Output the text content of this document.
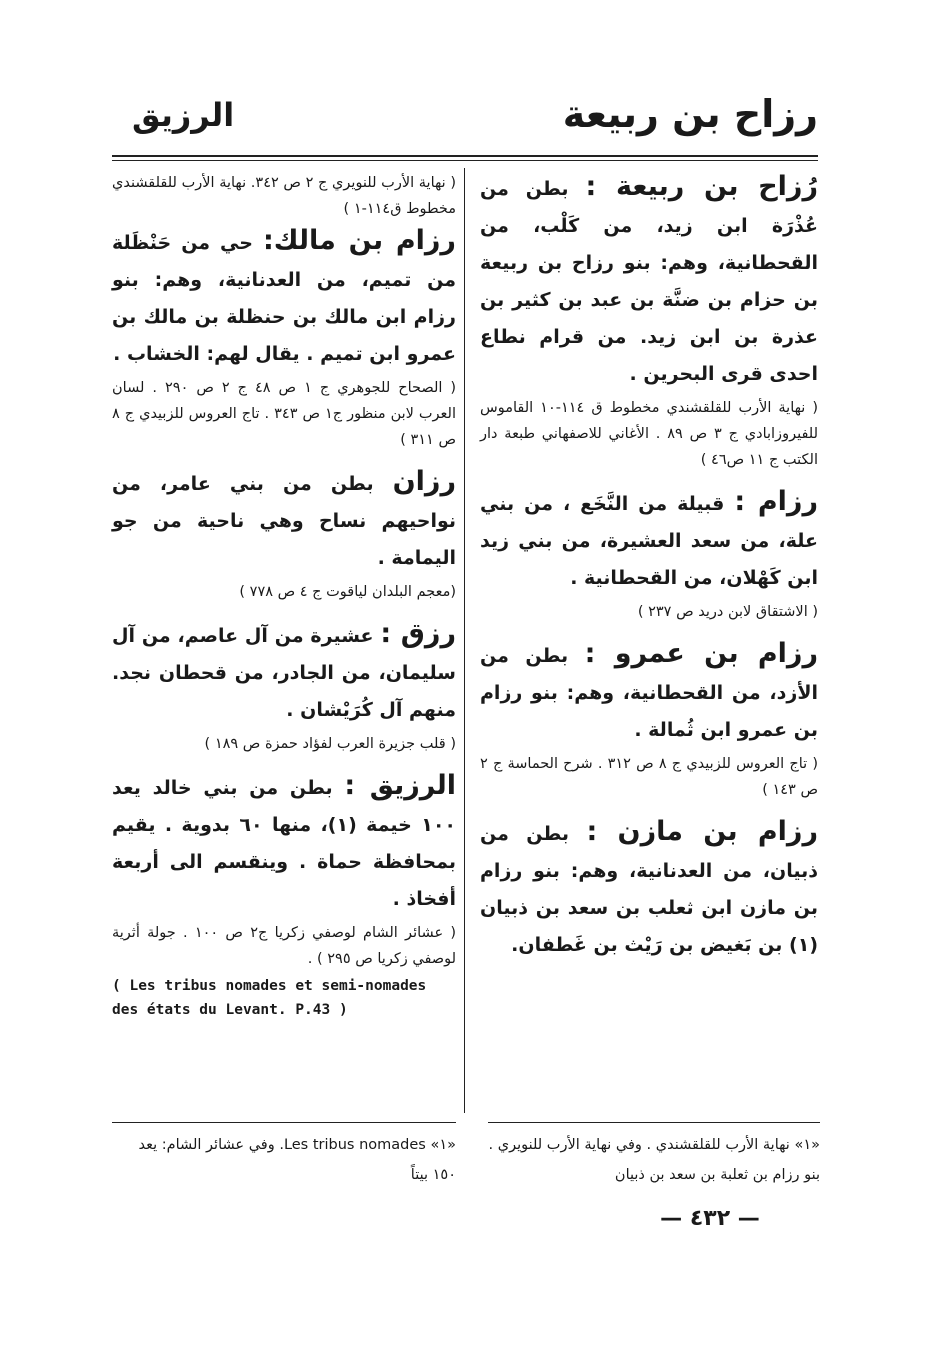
رزاح بن ربيعة
الرزيق
رُزاح بن ربيعة : بطن من عُذْرَة ابن زيد، من كَلْب، من القحطانية، وهم: بنو رزاح بن ربيعة بن حزام بن ضنَّة بن عبد بن كثير بن عذرة بن ابن زيد. من قرام نطاع احدى قرى البحرين .
( نهاية الأرب للقلقشندي مخطوط ق ١١٤-١٠ القاموس للفيروزابادي ج ٣ ص ٨٩ . الأغاني للاصفهاني طبعة دار الكتب ج ١١ ص٤٦ )
رزام : قبيلة من النَّخَع ، من بني علة، من سعد العشيرة، من بني زيد ابن كَهْلان، من القحطانية .
( الاشتقاق لابن دريد ص ٢٣٧ )
رزام بن عمرو : بطن من الأزد، من القحطانية، وهم: بنو رزام بن عمرو ابن ثُمالة .
( تاج العروس للزبيدي ج ٨ ص ٣١٢ . شرح الحماسة ج ٢ ص ١٤٣ )
رزام بن مازن : بطن من ذبيان، من العدنانية، وهم: بنو رزام بن مازن ابن ثعلب بن سعد بن ذبيان (١) بن بَغيض بن رَيْث بن غَطفان.
( نهاية الأرب للنويري ج ٢ ص ٣٤٢. نهاية الأرب للقلقشندي مخطوط ق١١٤-١ )
رزام بن مالك: حي من حَنْظَلة من تميم، من العدنانية، وهم: بنو رزام ابن مالك بن حنظلة بن مالك بن عمرو ابن تميم . يقال لهم: الخشاب .
( الصحاح للجوهري ج ١ ص ٤٨ ج ٢ ص ٢٩٠ . لسان العرب لابن منظور ج١ ص ٣٤٣ . تاج العروس للزبيدي ج ٨ ص ٣١١ )
رزان بطن من بني عامر، من نواحيهم نساح وهي ناحية من جو اليمامة .
(معجم البلدان لياقوت ج ٤ ص ٧٧٨ )
رزق : عشيرة من آل عاصم، من آل سليمان، من الجادر، من قحطان نجد. منهم آل كُرَيْشان .
( قلب جزيرة العرب لفؤاد حمزة ص ١٨٩ )
الرزيق : بطن من بني خالد يعد ١٠٠ خيمة (١)، منها ٦٠ بدوية . يقيم بمحافظة حماة . وينقسم الى أربعة أفخاذ .
( عشائر الشام لوصفي زكريا ج٢ ص ١٠٠ . جولة أثرية لوصفي زكريا ص ٢٩٥ ) .
( Les tribus nomades et semi-nomades des états du Levant. P.43 )
«١» نهاية الأرب للقلقشندي . وفي نهاية الأرب للنويري . بنو رزام بن ثعلبة بن سعد بن ذبيان
«١» Les tribus nomades. وفي عشائر الشام: يعد ١٥٠ بيتاً
— ٤٣٢ —
